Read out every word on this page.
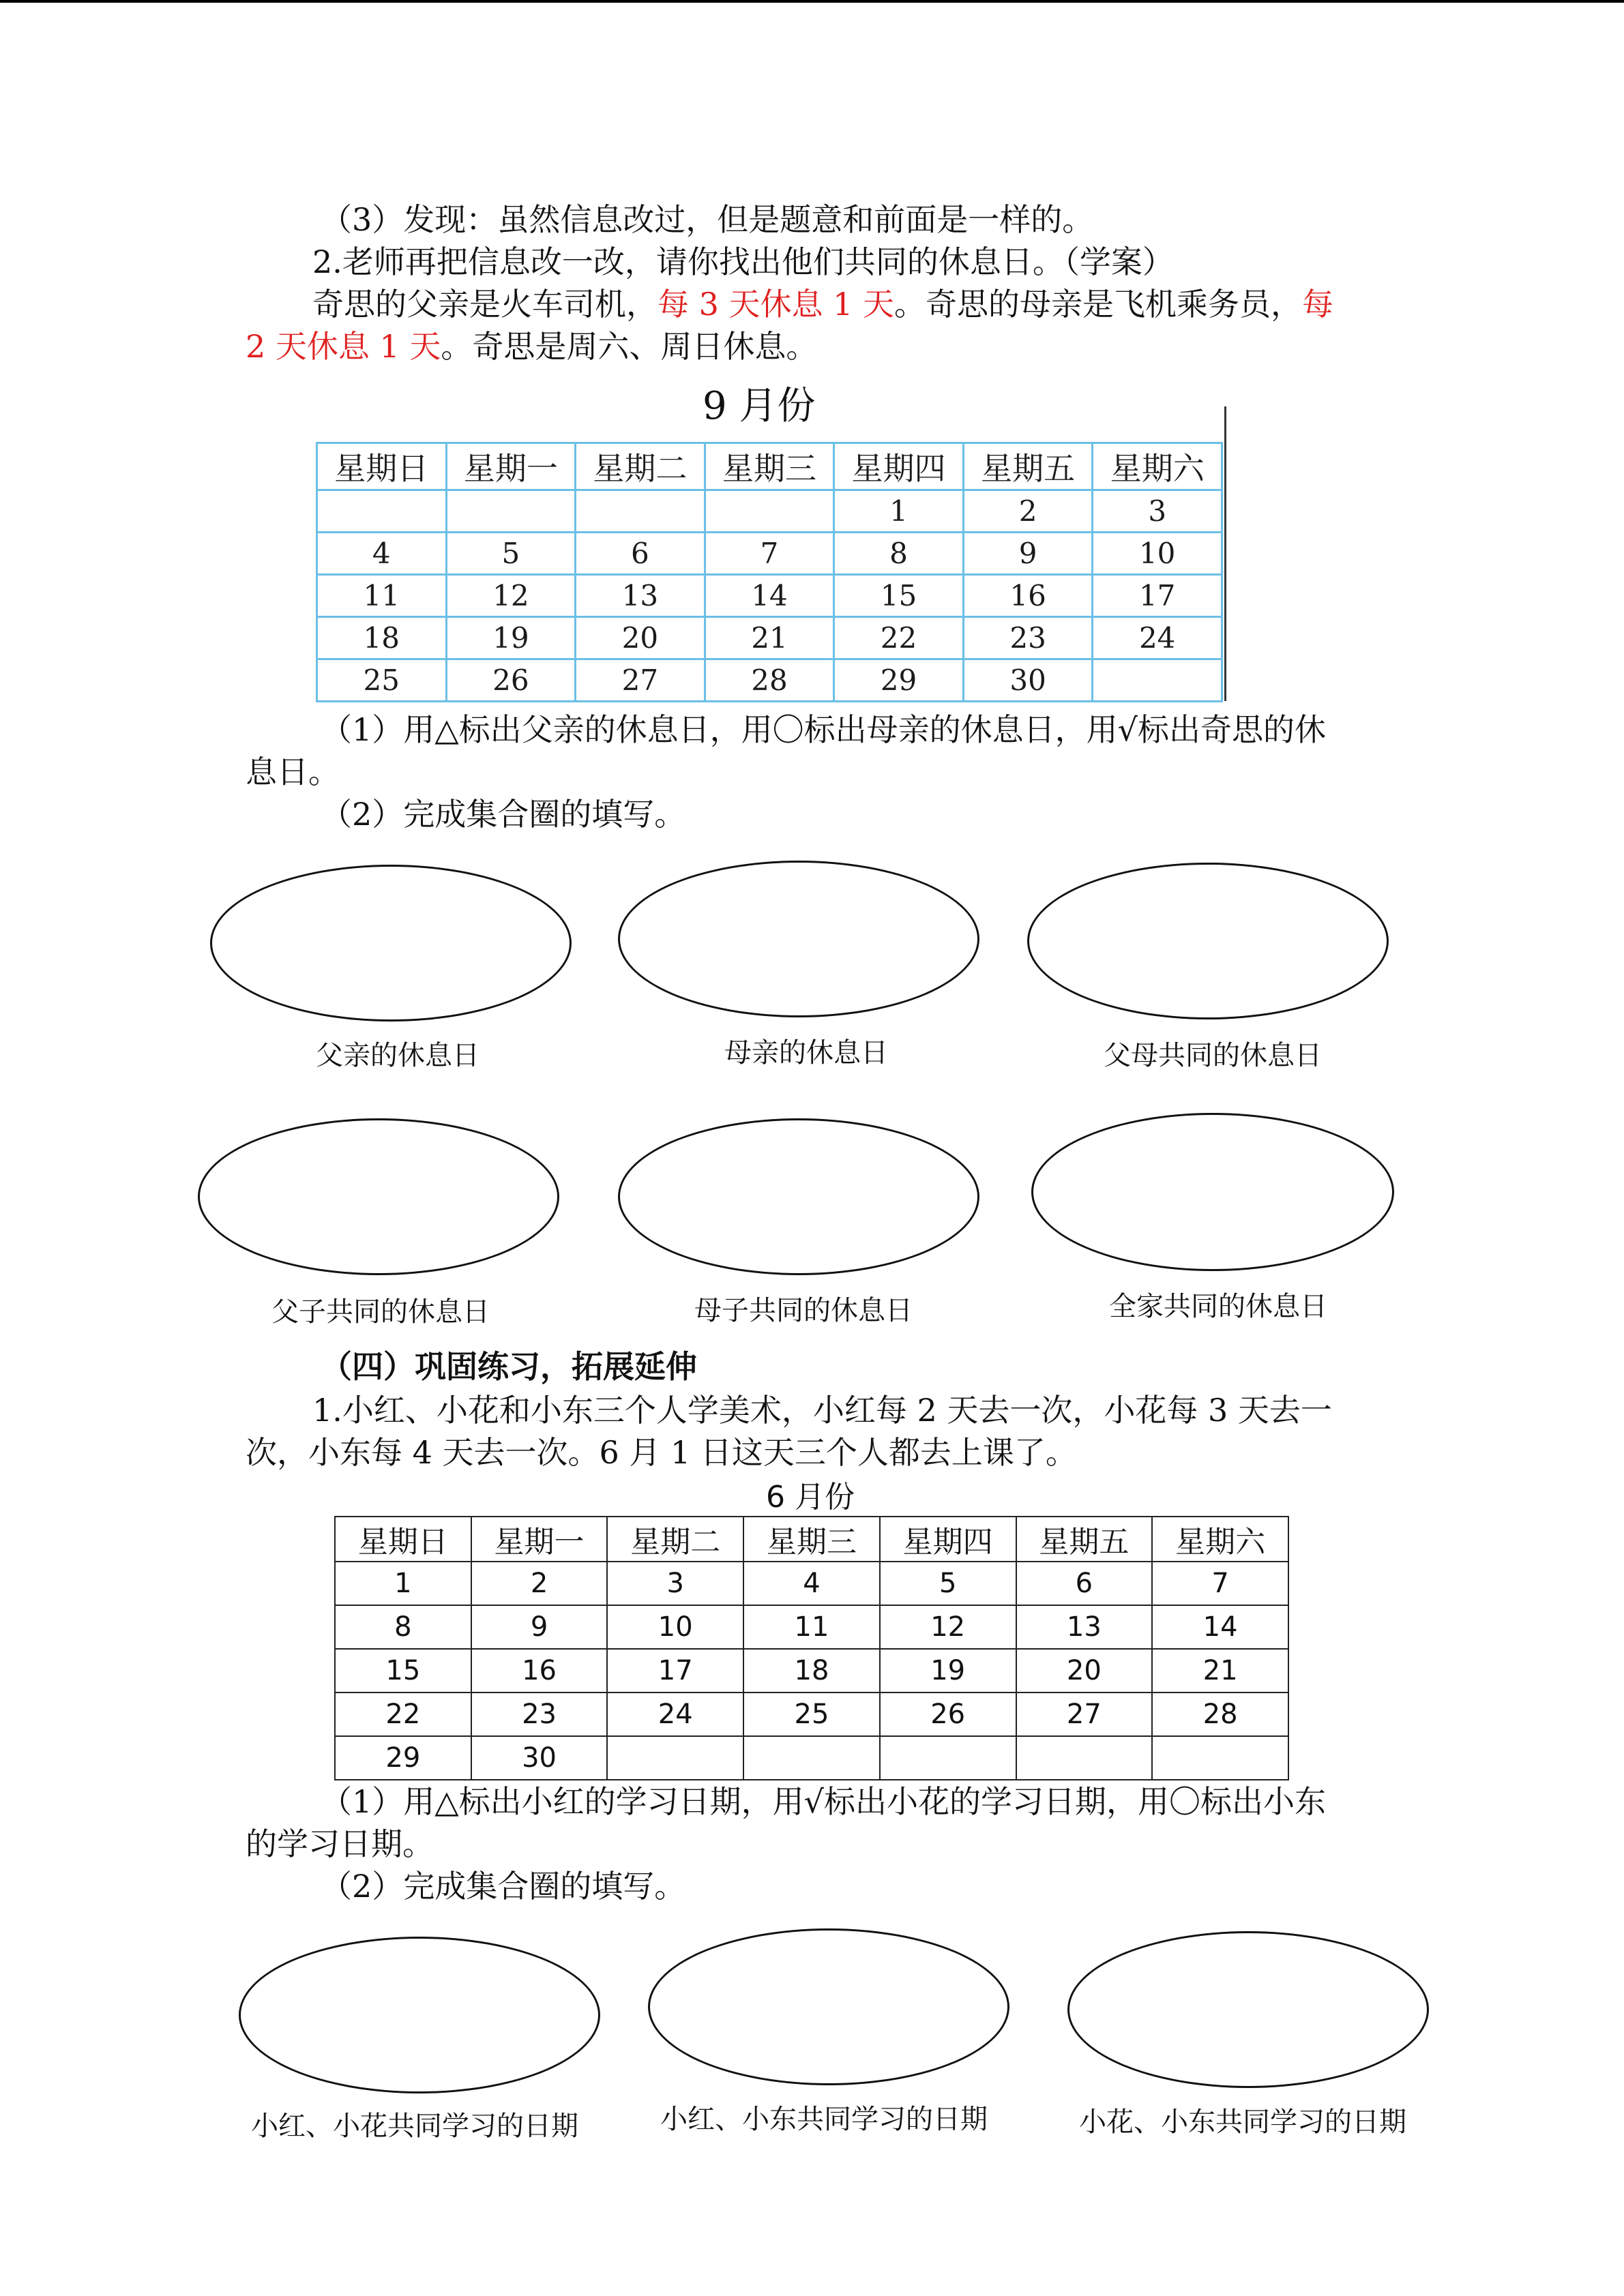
（3）发现：虽然信息改过，但是题意和前面是一样的。
2.老师再把信息改一改，请你找出他们共同的休息日。（学案）
奇思的父亲是火车司机，每 3 天休息 1 天。奇思的母亲是飞机乘务员，每
2 天休息 1 天。奇思是周六、周日休息。
9 月份
星期日	星期一	星期二	星期三	星期四	星期五	星期六
				1	2	3
4	5	6	7	8	9	10
11	12	13	14	15	16	17
18	19	20	21	22	23	24
25	26	27	28	29	30	
（1）用△标出父亲的休息日，用〇标出母亲的休息日，用√标出奇思的休
息日。
（2）完成集合圈的填写。
父亲的休息日	母亲的休息日	父母共同的休息日
父子共同的休息日	母子共同的休息日	全家共同的休息日
（四）巩固练习，拓展延伸
1.小红、小花和小东三个人学美术，小红每 2 天去一次，小花每 3 天去一
次，小东每 4 天去一次。6 月 1 日这天三个人都去上课了。
6 月份
星期日	星期一	星期二	星期三	星期四	星期五	星期六
1	2	3	4	5	6	7
8	9	10	11	12	13	14
15	16	17	18	19	20	21
22	23	24	25	26	27	28
29	30					
（1）用△标出小红的学习日期，用√标出小花的学习日期，用〇标出小东
的学习日期。
（2）完成集合圈的填写。
小红、小花共同学习的日期	小红、小东共同学习的日期	小花、小东共同学习的日期
